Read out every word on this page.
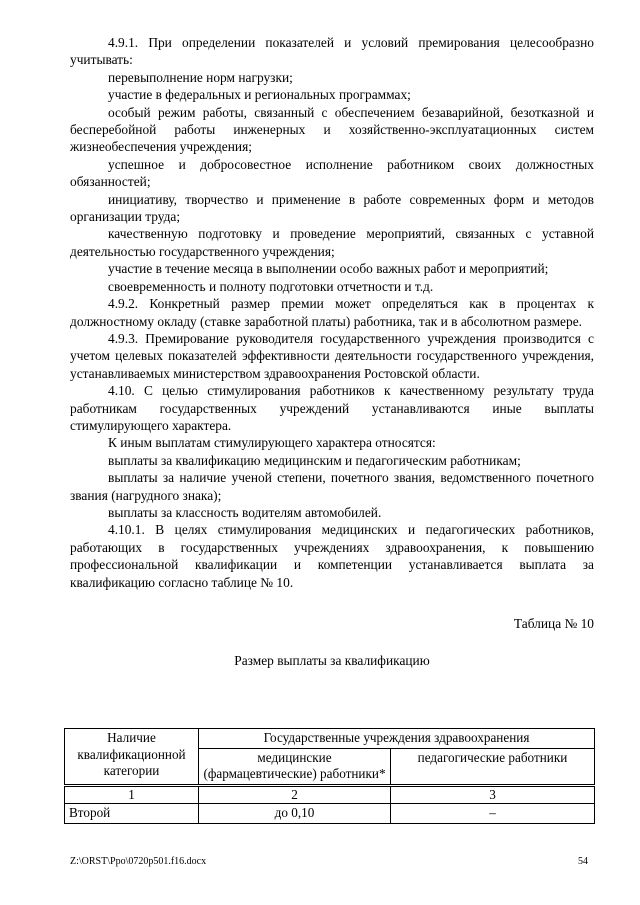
4.9.1. При определении показателей и условий премирования целесообразно учитывать:

перевыполнение норм нагрузки;

участие в федеральных и региональных программах;

особый режим работы, связанный с обеспечением безаварийной, безотказной и бесперебойной работы инженерных и хозяйственно-эксплуатационных систем жизнеобеспечения учреждения;

успешное и добросовестное исполнение работником своих должностных обязанностей;

инициативу, творчество и применение в работе современных форм и методов организации труда;

качественную подготовку и проведение мероприятий, связанных с уставной деятельностью государственного учреждения;

участие в течение месяца в выполнении особо важных работ и мероприятий;

своевременность и полноту подготовки отчетности и т.д.

4.9.2. Конкретный размер премии может определяться как в процентах к должностному окладу (ставке заработной платы) работника, так и в абсолютном размере.

4.9.3. Премирование руководителя государственного учреждения производится с учетом целевых показателей эффективности деятельности государственного учреждения, устанавливаемых министерством здравоохранения Ростовской области.

4.10. С целью стимулирования работников к качественному результату труда работникам государственных учреждений устанавливаются иные выплаты стимулирующего характера.

К иным выплатам стимулирующего характера относятся:

выплаты за квалификацию медицинским и педагогическим работникам;

выплаты за наличие ученой степени, почетного звания, ведомственного почетного звания (нагрудного знака);

выплаты за классность водителям автомобилей.

4.10.1. В целях стимулирования медицинских и педагогических работников, работающих в государственных учреждениях здравоохранения, к повышению профессиональной квалификации и компетенции устанавливается выплата за квалификацию согласно таблице № 10.

Таблица № 10

Размер выплаты за квалификацию

Наличие квалификационной категории	Государственные учреждения здравоохранения	
	медицинские (фармацевтические) работники*	педагогические работники
1	2	3
Второй	до 0,10	–
Z:\ORST\Ppo\0720p501.f16.docx	54
